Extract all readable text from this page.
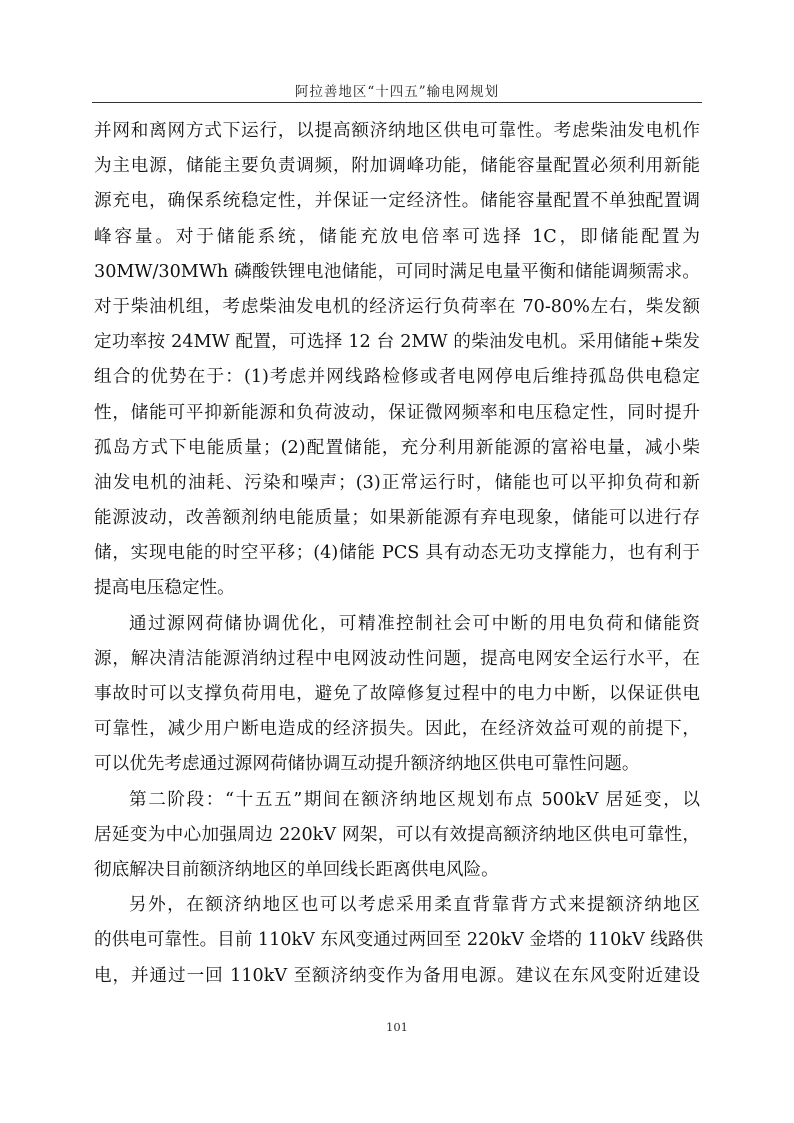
阿拉善地区“十四五”输电网规划
并网和离网方式下运行，以提高额济纳地区供电可靠性。考虑柴油发电机作
为主电源，储能主要负责调频，附加调峰功能，储能容量配置必须利用新能
源充电，确保系统稳定性，并保证一定经济性。储能容量配置不单独配置调
峰容量。对于储能系统，储能充放电倍率可选择 1C，即储能配置为
30MW/30MWh 磷酸铁锂电池储能，可同时满足电量平衡和储能调频需求。
对于柴油机组，考虑柴油发电机的经济运行负荷率在 70-80%左右，柴发额
定功率按 24MW 配置，可选择 12 台 2MW 的柴油发电机。采用储能+柴发
组合的优势在于：(1)考虑并网线路检修或者电网停电后维持孤岛供电稳定
性，储能可平抑新能源和负荷波动，保证微网频率和电压稳定性，同时提升
孤岛方式下电能质量；(2)配置储能，充分利用新能源的富裕电量，减小柴
油发电机的油耗、污染和噪声；(3)正常运行时，储能也可以平抑负荷和新
能源波动，改善额剂纳电能质量；如果新能源有弃电现象，储能可以进行存
储，实现电能的时空平移；(4)储能 PCS 具有动态无功支撑能力，也有利于
提高电压稳定性。
通过源网荷储协调优化，可精准控制社会可中断的用电负荷和储能资
源，解决清洁能源消纳过程中电网波动性问题，提高电网安全运行水平，在
事故时可以支撑负荷用电，避免了故障修复过程中的电力中断，以保证供电
可靠性，减少用户断电造成的经济损失。因此，在经济效益可观的前提下，
可以优先考虑通过源网荷储协调互动提升额济纳地区供电可靠性问题。
第二阶段：“十五五”期间在额济纳地区规划布点 500kV 居延变，以
居延变为中心加强周边 220kV 网架，可以有效提高额济纳地区供电可靠性，
彻底解决目前额济纳地区的单回线长距离供电风险。
另外，在额济纳地区也可以考虑采用柔直背靠背方式来提额济纳地区
的供电可靠性。目前 110kV 东风变通过两回至 220kV 金塔的 110kV 线路供
电，并通过一回 110kV 至额济纳变作为备用电源。建议在东风变附近建设
101
